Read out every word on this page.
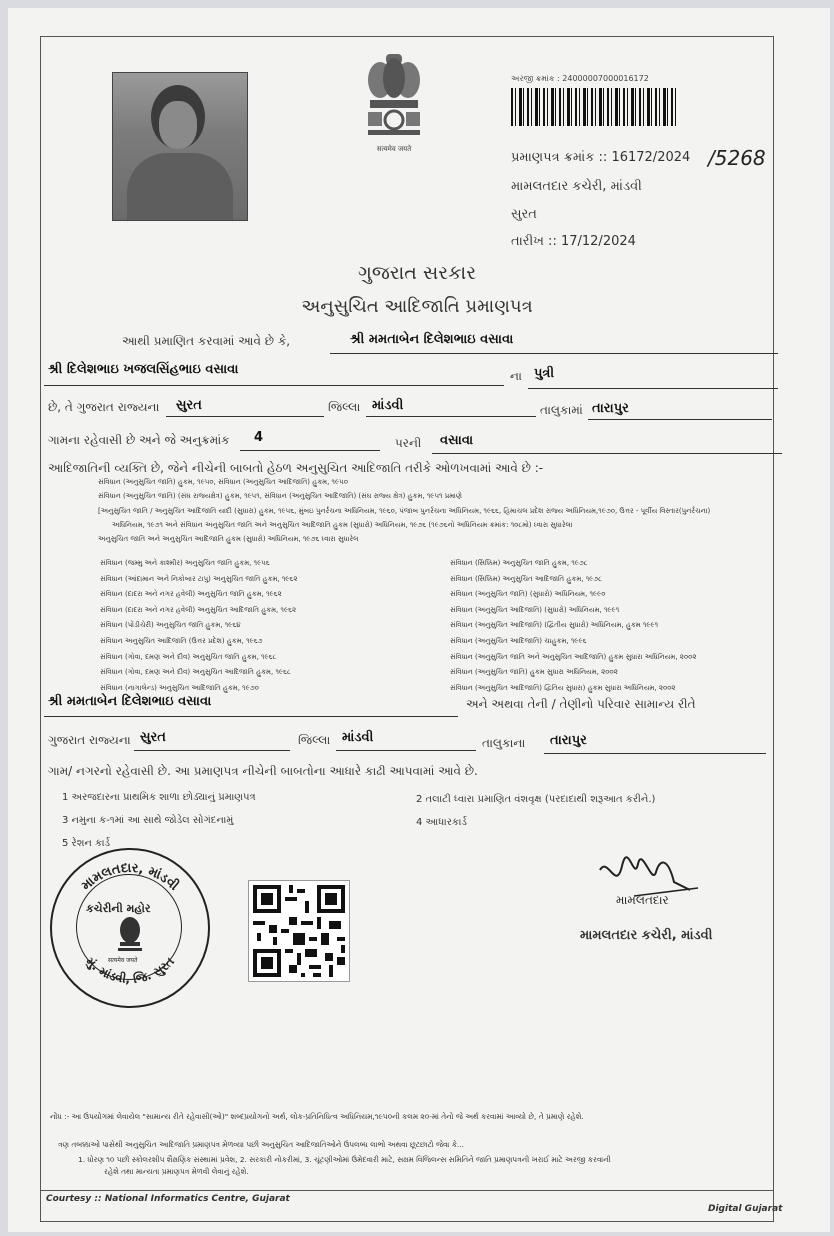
सत्यमेव जयते
અરજી ક્રમાંક : 24000007000016172
પ્રમાણપત્ર ક્રમાંક :: 16172/2024 /5268
મામલતદાર કચેરી, માંડવી
સુરત
તારીખ :: 17/12/2024
ગુજરાત સરકાર
અનુસુચિત આદિજાતિ પ્રમાણપત્ર
આથી પ્રમાણિત કરવામાં આવે છે કે,	શ્રી મમતાબેન દિલેશભાઇ વસાવા
શ્રી દિલેશભાઇ ખજલસિંહભાઇ વસાવા	ના પુત્રી
છે, તે ગુજરાત રાજ્યના સુરત	જિલ્લા માંડવી	તાલુકામાં તારાપુર
ગામના રહેવાસી છે અને જે અનુક્રમાંક 4	પરની વસાવા
આદિજાતિની વ્યક્તિ છે, જેને નીચેની બાબતો હેઠળ અનુસુચિત આદિજાતિ તરીકે ઓળખવામાં આવે છે :-
સંવિધાન (અનુસુચિત જાતિ) હુકમ, ૧૯૫૦, સંવિધાન (અનુસુચિત આદિજાતિ) હુકમ, ૧૯૫૦
સંવિધાન (અનુસુચિત જાતિ) (સંઘ રાજ્યક્ષેત્ર) હુકમ, ૧૯૫૧, સંવિધાન (અનુસુચિત આદિજાતિ) (સંઘ રાજ્ય ક્ષેત્ર) હુકમ, ૧૯૫૧ પ્રમાણે
[અનુસુચિત જાતિ / અનુસુચિત આદિજાતિ યાદી (સુધારા) હુકમ, ૧૯૫૬, મુંબઇ પુનર્રચના અધિનિયમ, ૧૯૬૦, પંજાબ પુનર્રચના અધિનિયમ, ૧૯૬૬, હિમાચલ પ્રદેશ રાજ્ય અધિનિયમ,૧૯૭૦, ઉત્તર - પૂર્વીય વિસ્તાર(પુનર્રચના)
અધિનિયમ, ૧૯૭૧ અને સંવિધાન અનુસુચિત જાતિ અને અનુસુચિત આદિજાતિ હુકમ (સુધારો) અધિનિયમ, ૧૯૭૬ (૧૯૭૬નો અધિનિયમ ક્રમાંક: ૧૦૮મો) ધ્વારા સુધારેલા
અનુસુચિત જાતિ અને અનુસુચિત આદિજાતિ હુકમ (સુધારો) અધિનિયમ, ૧૯૭૬ ધ્વારા સુધારેલ
સંવિધાન (જમ્મુ અને કાશ્મીર) અનુસુચિત જાતિ હુકમ, ૧૯૫૬
સંવિધાન (આંદામાન અને નિકોબાર ટાપુ) અનુસુચિત જાતિ હુકમ, ૧૯૬૨
સંવિધાન (દાદરા અને નગર હવેલી) અનુસુચિત જાતિ હુકમ, ૧૯૬૨
સંવિધાન (દાદરા અને નગર હવેલી) અનુસુચિત આદિજાતિ હુકમ, ૧૯૬૨
સંવિધાન (પોંડીચેરી) અનુસુચિત જાતિ હુકમ, ૧૯૬૪
સંવિધાન અનુસુચિત આદિજાતિ (ઉત્તર પ્રદેશ) હુકમ, ૧૯૬૭
સંવિધાન (ગોવા, દમણ અને દીવ) અનુસુચિત જાતિ હુકમ, ૧૯૬૮
સંવિધાન (ગોવા, દમણ અને દીવ) અનુસુચિત આદિજાતિ હુકમ, ૧૯૬૮
સંવિધાન (નાગાલેન્ડ) અનુસુચિત આદિજાતિ હુકમ, ૧૯૭૦
સંવિધાન (સિક્કિમ) અનુસુચિત જાતિ હુકમ, ૧૯૭૮
સંવિધાન (સિક્કિમ) અનુસુચિત આદિજાતિ હુકમ, ૧૯૭૮
સંવિધાન (અનુસુચિત જાતિ) (સુધારો) અધિનિયમ, ૧૯૯૦
સંવિધાન (અનુસુચિત આદિજાતિ) (સુધારો) અધિનિયમ, ૧૯૯૧
સંવિધાન (અનુસુચિત આદિજાતિ) (દ્વિતીય સુધારો) અધિનિયમ, હુકમ ૧૯૯૧
સંવિધાન (અનુસુચિત આદિજાતિ) ચાહુકમ, ૧૯૯૬
સંવિધાન (અનુસુચિત જાતિ અને અનુસુચિત આદિજાતિ) હુકમ સુધારા અધિનિયમ, ૨૦૦૨
સંવિધાન (અનુસુચિત જાતિ) હુકમ સુધારા અધિનિયમ, ૨૦૦૨
સંવિધાન (અનુસુચિત આદિજાતિ) દ્વિતિય સુધારા) હુકમ સુધારા અધિનિયમ, ૨૦૦૨
શ્રી મમતાબેન દિલેશભાઇ વસાવા	અને અથવા તેની / તેણીનો પરિવાર સામાન્ય રીતે
ગુજરાત રાજ્યના સુરત	જિલ્લા માંડવી	તાલુકાના તારાપુર
ગામ/ નગરનો રહેવાસી છે. આ પ્રમાણપત્ર નીચેની બાબતોના આધારે કાઢી આપવામાં આવે છે.
1 અરજદારના પ્રાથમિક શાળા છોડ્યાનું પ્રમાણપત્ર	2 તલાટી ધ્વારા પ્રમાણિત વંશવૃક્ષ (પરદાદાથી શરૂઆત કરીને.)
3 નમુના ક-૧માં આ સાથે જોડેલ સોગંદનામું	4 આધારકાર્ડ
5 રેશન કાર્ડ
મામલતદાર, માંડવી
મું. માંડવી, જિ. સુરત
કચેરીની મહોર
सत्यमेव जयते
મામલતદાર
મામલતદાર કચેરી, માંડવી
નોંધ :- આ ઉપયોગમાં લેવાયેલ "સામાન્ય રીતે રહેવાસી(ઓ)" શબ્દપ્રયોગનો અર્થ, લોક-પ્રતિનિધિત્વ અધિનિયમ,૧૯૫૦ની કલમ ૨૦-માં તેનો જે અર્થ કરવામાં આવ્યો છે, તે પ્રમાણે રહેશે.
ત્રણ તબક્કાઓ પાસેથી અનુસુચિત આદિજાતિ પ્રમાણપત્ર મેળવ્યા પછી અનુસુચિત આદિજાતિઓને ઉપલબ્ધ લાભો અથવા છૂટછાટો જેવા કે...
1. ધોરણ ૧૦ પછી સ્કોલરશીપ શૈક્ષણિક સંસ્થામાં પ્રવેશ, 2. સરકારી નોકરીમાં, 3. ચૂંટણીઓમાં ઉમેદવારી માટે, સક્ષમ વિજિલન્સ સમિતિને જાતિ પ્રમાણપત્રની ખરાઈ માટે અરજી કરવાની
રહેશે તથા માન્યતા પ્રમાણપત્ર મેળવી લેવાનું રહેશે.
Courtesy :: National Informatics Centre, Gujarat
Digital Gujarat
